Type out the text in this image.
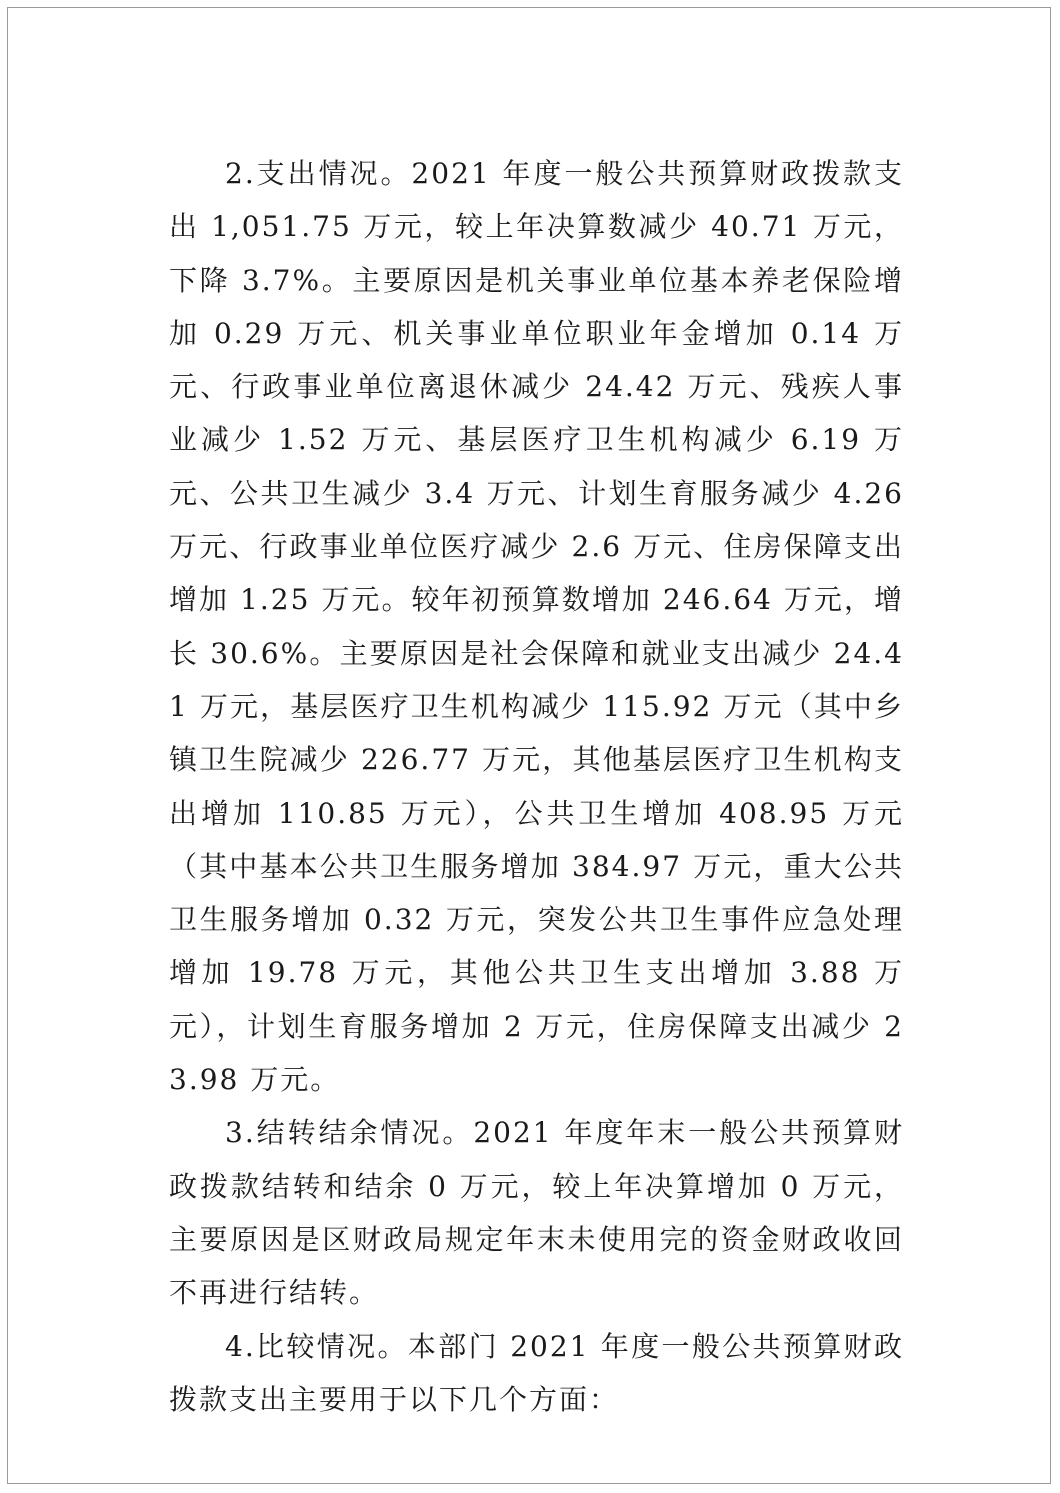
2.支出情况。2021 年度一般公共预算财政拨款支出 1,051.75 万元，较上年决算数减少 40.71 万元，下降 3.7%。主要原因是机关事业单位基本养老保险增加 0.29 万元、机关事业单位职业年金增加 0.14 万元、行政事业单位离退休减少 24.42 万元、残疾人事业减少 1.52 万元、基层医疗卫生机构减少 6.19 万元、公共卫生减少 3.4 万元、计划生育服务减少 4.26 万元、行政事业单位医疗减少 2.6 万元、住房保障支出增加 1.25 万元。较年初预算数增加 246.64 万元，增长 30.6%。主要原因是社会保障和就业支出减少 24.41 万元，基层医疗卫生机构减少 115.92 万元（其中乡镇卫生院减少 226.77 万元，其他基层医疗卫生机构支出增加 110.85 万元），公共卫生增加 408.95 万元（其中基本公共卫生服务增加 384.97 万元，重大公共卫生服务增加 0.32 万元，突发公共卫生事件应急处理增加 19.78 万元，其他公共卫生支出增加 3.88 万元），计划生育服务增加 2 万元，住房保障支出减少 23.98 万元。

3.结转结余情况。2021 年度年末一般公共预算财政拨款结转和结余 0 万元，较上年决算增加 0 万元，主要原因是区财政局规定年末未使用完的资金财政收回不再进行结转。

4.比较情况。本部门 2021 年度一般公共预算财政拨款支出主要用于以下几个方面：
